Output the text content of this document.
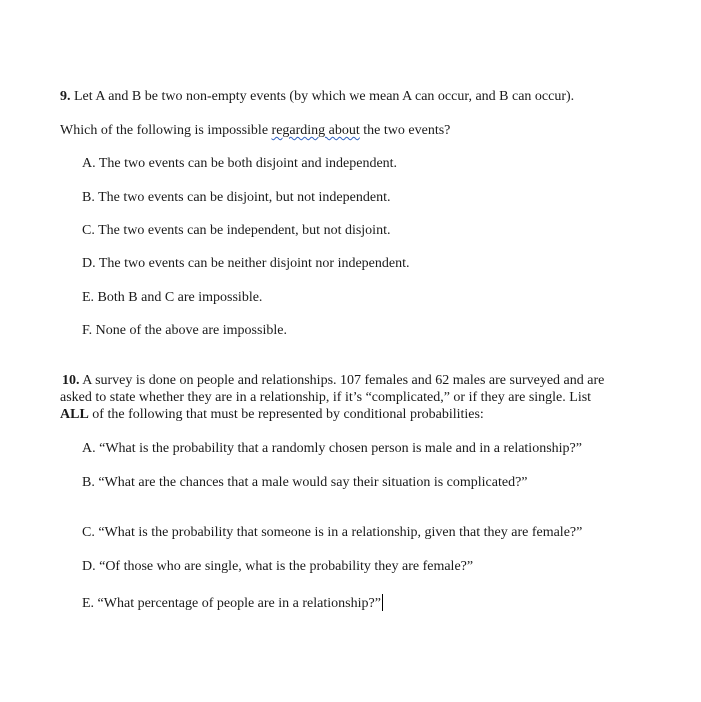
9. Let A and B be two non-empty events (by which we mean A can occur, and B can occur).
Which of the following is impossible regarding about the two events?
A. The two events can be both disjoint and independent.
B. The two events can be disjoint, but not independent.
C. The two events can be independent, but not disjoint.
D. The two events can be neither disjoint nor independent.
E. Both B and C are impossible.
F. None of the above are impossible.
10. A survey is done on people and relationships. 107 females and 62 males are surveyed and are
asked to state whether they are in a relationship, if it’s “complicated,” or if they are single. List
ALL of the following that must be represented by conditional probabilities:
A. “What is the probability that a randomly chosen person is male and in a relationship?”
B. “What are the chances that a male would say their situation is complicated?”
C. “What is the probability that someone is in a relationship, given that they are female?”
D. “Of those who are single, what is the probability they are female?”
E. “What percentage of people are in a relationship?”
